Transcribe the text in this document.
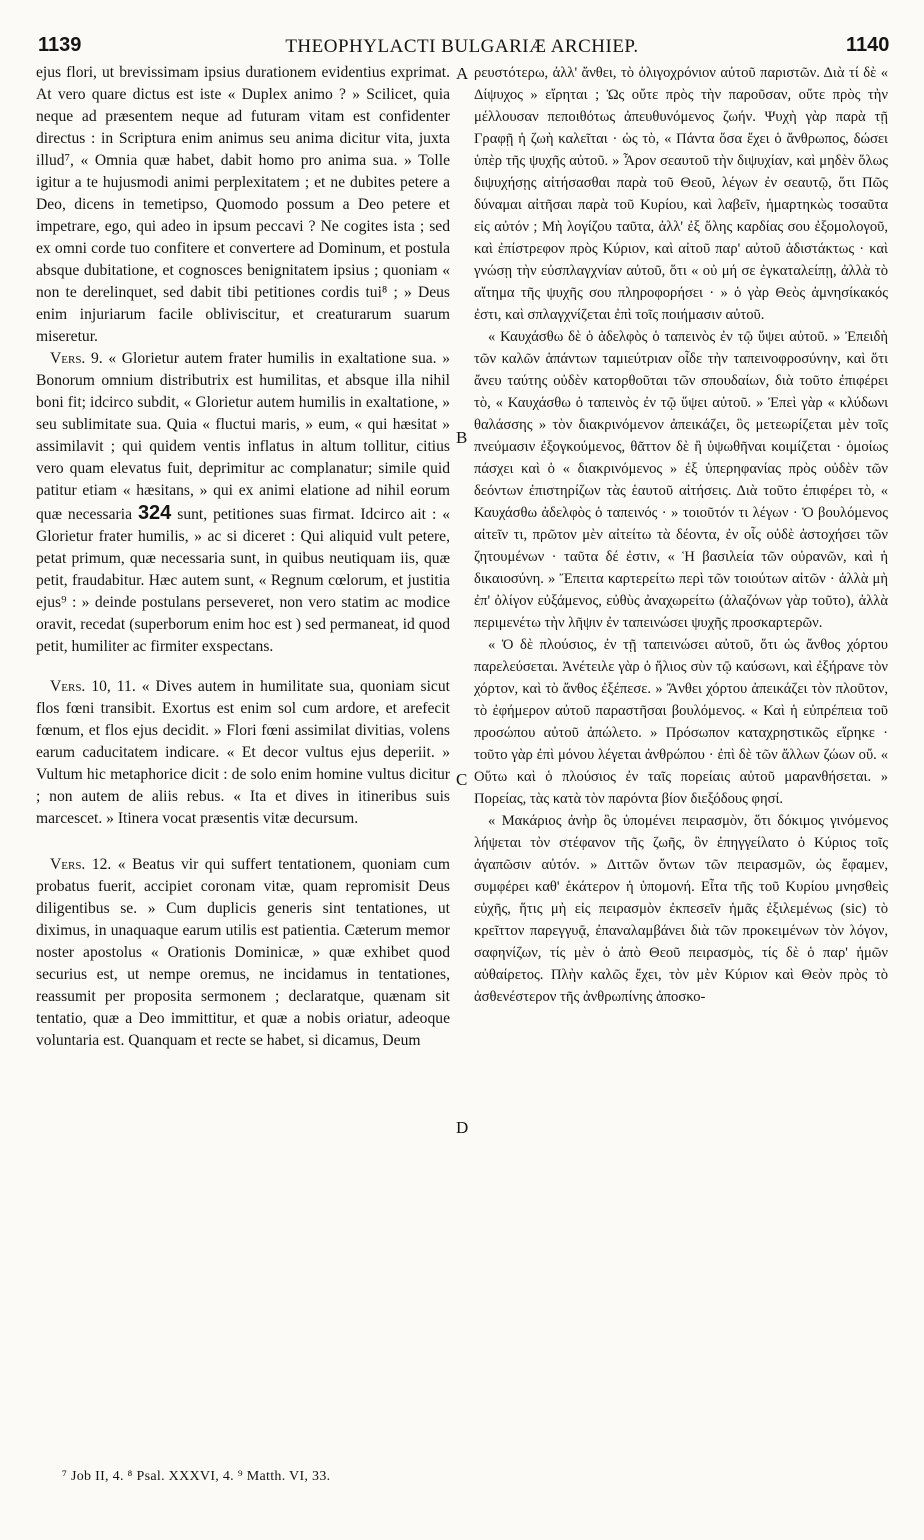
1139	THEOPHYLACTI BULGARIÆ ARCHIEP.	1140

ejus flori, ut brevissimam ipsius durationem evidentius exprimat. At vero quare dictus est iste « Duplex animo ? » Scilicet, quia neque ad præsentem neque ad futuram vitam est confidenter directus : in Scriptura enim animus seu anima dicitur vita, juxta illud⁷, « Omnia quæ habet, dabit homo pro anima sua. » Tolle igitur a te hujusmodi animi perplexitatem ; et ne dubites petere a Deo, dicens in temetipso, Quomodo possum a Deo petere et impetrare, ego, qui adeo in ipsum peccavi ? Ne cogites ista ; sed ex omni corde tuo confitere et convertere ad Dominum, et postula absque dubitatione, et cognosces benignitatem ipsius ; quoniam « non te derelinquet, sed dabit tibi petitiones cordis tui⁸ ; » Deus enim injuriarum facile obliviscitur, et creaturarum suarum miseretur.

Vers. 9. « Glorietur autem frater humilis in exaltatione sua. » Bonorum omnium distributrix est humilitas, et absque illa nihil boni fit; idcirco subdit, « Glorietur autem humilis in exaltatione, » seu sublimitate sua. Quia « fluctui maris, » eum, « qui hæsitat » assimilavit ; qui quidem ventis inflatus in altum tollitur, citius vero quam elevatus fuit, deprimitur ac complanatur; simile quid patitur etiam « hæsitans, » qui ex animi elatione ad nihil eorum quæ necessaria 324 sunt, petitiones suas firmat. Idcirco ait : « Glorietur frater humilis, » ac si diceret : Qui aliquid vult petere, petat primum, quæ necessaria sunt, in quibus neutiquam iis, quæ petit, fraudabitur. Hæc autem sunt, « Regnum cœlorum, et justitia ejus⁹ : » deinde postulans perseveret, non vero statim ac modice oravit, recedat (superborum enim hoc est ) sed permaneat, id quod petit, humiliter ac firmiter exspectans.

Vers. 10, 11. « Dives autem in humilitate sua, quoniam sicut flos fœni transibit. Exortus est enim sol cum ardore, et arefecit fœnum, et flos ejus decidit. » Flori fœni assimilat divitias, volens earum caducitatem indicare. « Et decor vultus ejus deperiit. » Vultum hic metaphorice dicit : de solo enim homine vultus dicitur ; non autem de aliis rebus. « Ita et dives in itineribus suis marcescet. » Itinera vocat præsentis vitæ decursum.

Vers. 12. « Beatus vir qui suffert tentationem, quoniam cum probatus fuerit, accipiet coronam vitæ, quam repromisit Deus diligentibus se. » Cum duplicis generis sint tentationes, ut diximus, in unaquaque earum utilis est patientia. Cæterum memor noster apostolus « Orationis Dominicæ, » quæ exhibet quod securius est, ut nempe oremus, ne incidamus in tentationes, reassumit per proposita sermonem ; declaratque, quænam sit tentatio, quæ a Deo immittitur, et quæ a nobis oriatur, adeoque voluntaria est. Quanquam et recte se habet, si dicamus, Deum

A
B
C
D

ρευστότερω, ἀλλ' ἄνθει, τὸ ὀλιγοχρόνιον αὐτοῦ παριστῶν. Διὰ τί δὲ « Δίψυχος » εἴρηται ; Ὡς οὔτε πρὸς τὴν παροῦσαν, οὔτε πρὸς τὴν μέλλουσαν πεποιθότως ἀπευθυνόμενος ζωήν. Ψυχὴ γὰρ παρὰ τῇ Γραφῇ ἡ ζωὴ καλεῖται · ὡς τὸ, « Πάντα ὅσα ἔχει ὁ ἄνθρωπος, δώσει ὑπὲρ τῆς ψυχῆς αὐτοῦ. » Ἆρον σεαυτοῦ τὴν διψυχίαν, καὶ μηδὲν ὅλως διψυχήσῃς αἰτήσασθαι παρὰ τοῦ Θεοῦ, λέγων ἐν σεαυτῷ, ὅτι Πῶς δύναμαι αἰτῆσαι παρὰ τοῦ Κυρίου, καὶ λαβεῖν, ἡμαρτηκὼς τοσαῦτα εἰς αὐτόν ; Μὴ λογίζου ταῦτα, ἀλλ' ἐξ ὅλης καρδίας σου ἐξομολογοῦ, καὶ ἐπίστρεφον πρὸς Κύριον, καὶ αἰτοῦ παρ' αὐτοῦ ἀδιστάκτως · καὶ γνώσῃ τὴν εὐσπλαγχνίαν αὐτοῦ, ὅτι « οὐ μή σε ἐγκαταλείπῃ, ἀλλὰ τὸ αἴτημα τῆς ψυχῆς σου πληροφορήσει · » ὁ γὰρ Θεὸς ἀμνησίκακός ἐστι, καὶ σπλαγχνίζεται ἐπὶ τοῖς ποιήμασιν αὐτοῦ.

« Καυχάσθω δὲ ὁ ἀδελφὸς ὁ ταπεινὸς ἐν τῷ ὕψει αὐτοῦ. » Ἐπειδὴ τῶν καλῶν ἁπάντων ταμιεύτριαν οἶδε τὴν ταπεινοφροσύνην, καὶ ὅτι ἄνευ ταύτης οὐδὲν κατορθοῦται τῶν σπουδαίων, διὰ τοῦτο ἐπιφέρει τὸ, « Καυχάσθω ὁ ταπεινὸς ἐν τῷ ὕψει αὐτοῦ. » Ἐπεὶ γὰρ « κλύδωνι θαλάσσης » τὸν διακρινόμενον ἀπεικάζει, ὃς μετεωρίζεται μὲν τοῖς πνεύμασιν ἐξογκούμενος, θᾶττον δὲ ἢ ὑψωθῆναι κοιμίζεται · ὁμοίως πάσχει καὶ ὁ « διακρινόμενος » ἐξ ὑπερηφανίας πρὸς οὐδὲν τῶν δεόντων ἐπιστηρίζων τὰς ἑαυτοῦ αἰτήσεις. Διὰ τοῦτο ἐπιφέρει τὸ, « Καυχάσθω ἀδελφὸς ὁ ταπεινός · » τοιοῦτόν τι λέγων · Ὁ βουλόμενος αἰτεῖν τι, πρῶτον μὲν αἰτείτω τὰ δέοντα, ἐν οἷς οὐδὲ ἀστοχήσει τῶν ζητουμένων · ταῦτα δέ ἐστιν, « Ἡ βασιλεία τῶν οὐρανῶν, καὶ ἡ δικαιοσύνη. » Ἔπειτα καρτερείτω περὶ τῶν τοιούτων αἰτῶν · ἀλλὰ μὴ ἐπ' ὀλίγον εὐξάμενος, εὐθὺς ἀναχωρείτω (ἀλαζόνων γὰρ τοῦτο), ἀλλὰ περιμενέτω τὴν λῆψιν ἐν ταπεινώσει ψυχῆς προσκαρτερῶν.

« Ὁ δὲ πλούσιος, ἐν τῇ ταπεινώσει αὐτοῦ, ὅτι ὡς ἄνθος χόρτου παρελεύσεται. Ἀνέτειλε γὰρ ὁ ἥλιος σὺν τῷ καύσωνι, καὶ ἐξήρανε τὸν χόρτον, καὶ τὸ ἄνθος ἐξέπεσε. » Ἄνθει χόρτου ἀπεικάζει τὸν πλοῦτον, τὸ ἐφήμερον αὐτοῦ παραστῆσαι βουλόμενος. « Καὶ ἡ εὐπρέπεια τοῦ προσώπου αὐτοῦ ἀπώλετο. » Πρόσωπον καταχρηστικῶς εἴρηκε · τοῦτο γὰρ ἐπὶ μόνου λέγεται ἀνθρώπου · ἐπὶ δὲ τῶν ἄλλων ζώων οὔ. « Οὕτω καὶ ὁ πλούσιος ἐν ταῖς πορείαις αὐτοῦ μαρανθήσεται. » Πορείας, τὰς κατὰ τὸν παρόντα βίον διεξόδους φησί.

« Μακάριος ἀνὴρ ὃς ὑπομένει πειρασμὸν, ὅτι δόκιμος γινόμενος λήψεται τὸν στέφανον τῆς ζωῆς, ὃν ἐπηγγείλατο ὁ Κύριος τοῖς ἀγαπῶσιν αὐτόν. » Διττῶν ὄντων τῶν πειρασμῶν, ὡς ἔφαμεν, συμφέρει καθ' ἑκάτερον ἡ ὑπομονή. Εἶτα τῆς τοῦ Κυρίου μνησθεὶς εὐχῆς, ἥτις μὴ εἰς πειρασμὸν ἐκπεσεῖν ἡμᾶς ἐξιλεμένως (sic) τὸ κρεῖττον παρεγγυᾷ, ἐπαναλαμβάνει διὰ τῶν προκειμένων τὸν λόγον, σαφηνίζων, τίς μὲν ὁ ἀπὸ Θεοῦ πειρασμὸς, τίς δὲ ὁ παρ' ἡμῶν αὐθαίρετος. Πλὴν καλῶς ἔχει, τὸν μὲν Κύριον καὶ Θεὸν πρὸς τὸ ἀσθενέστερον τῆς ἀνθρωπίνης ἀποσκο-

⁷ Job II, 4. ⁸ Psal. XXXVI, 4. ⁹ Matth. VI, 33.
